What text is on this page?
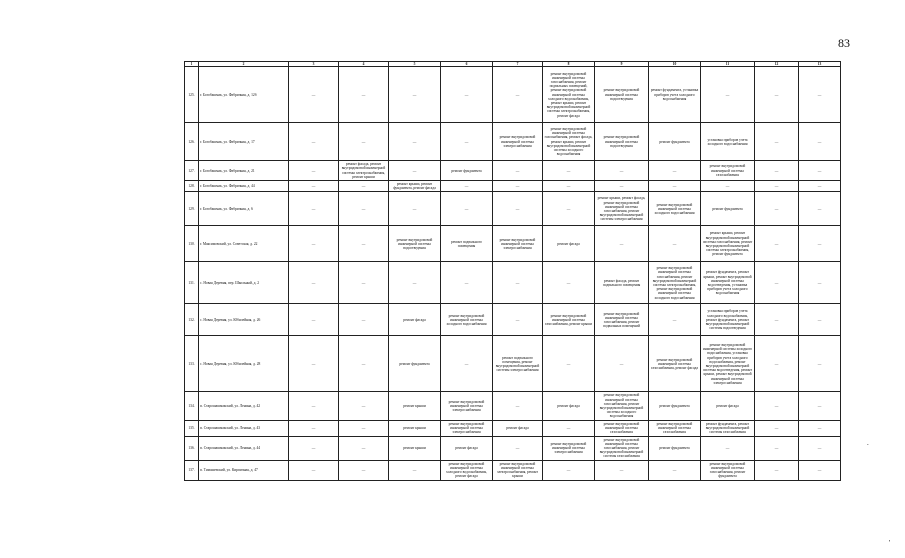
83
1	2	3	4	5	6	7	8	9	10	11	12	13
125.	г. Богобашмак, ул. Фабричная, д. 12б	—	—	—	—	—	ремонт внутридомовой инженерной системы газоснабжения, ремонт подвальных помещений, ремонт внутридомовой инженерной системы холодного водоснабжения, ремонт крыши, ремонт внутридомовой инженерной системы электроснабжения, ремонт фасада	ремонт внутридомовой инженерной системы водоотведения	ремонт фундамента, установка приборов учета холодного водоснабжения	—	—	—
126.	г. Богобашмак, ул. Фабричная, д. 17	—	—	—	—	ремонт внутридомовой инженерной системы электроснабжения	ремонт внутридомовой инженерной системы газоснабжения, ремонт фасада, ремонт крыши, ремонт внутридомовой инженерной системы холодного водоснабжения	ремонт внутридомовой инженерной системы водоотведения	ремонт фундамента	установка приборов учета холодного водоснабжения	—	—
127.	г. Богобашмак, ул. Фабричная, д. 21	—	ремонт фасада, ремонт внутридомовой инженерной системы электроснабжения, ремонт крыши	—	ремонт фундамента	—	—	—	—	ремонт внутридомовой инженерной системы газоснабжения	—	—
128.	г. Богобашмак, ул. Фабричная, д. 44	—	—	ремонт крыши, ремонт фундамента, ремонт фасада	—	—	—	—	—	—	—	—
129.	г. Богобашмак, ул. Фабричная, д. 6	—	—	—	—	—	—	ремонт крыши, ремонт фасада, ремонт внутридомовой инженерной системы газоснабжения, ремонт внутридомовой инженерной системы электроснабжения	ремонт внутридомовой инженерной системы холодного водоснабжения	ремонт фундамента	—	—
130.	г. Максимовский, ул. Советская, д. 22	—	—	ремонт внутридомовой инженерной системы водоотведения	ремонт подвального помещения	ремонт внутридомовой инженерной системы электроснабжения	ремонт фасада	—	—	ремонт крыши, ремонт внутридомовой инженерной системы газоснабжения, ремонт внутридомовой инженерной системы электроснабжения, ремонт фундамента	—	—
131.	с. Новая Деревня, пер. Школьный, д. 2	—	—	—	—	—	—	ремонт фасада, ремонт подвального помещения	ремонт внутридомовой инженерной системы газоснабжения, ремонт внутридомовой инженерной системы электроснабжения, ремонт внутридомовой инженерной системы холодного водоснабжения	ремонт фундамента, ремонт крыши, ремонт внутридомовой инженерной системы водоотведения, установка приборов учета холодного водоснабжения	—	—
132.	с. Новая Деревня, ул. Юбилейная, д. 26	—	—	ремонт фасада	ремонт внутридомовой инженерной системы холодного водоснабжения	—	ремонт внутридомовой инженерной системы газоснабжения, ремонт крыши	ремонт внутридомовой инженерной системы газоснабжения, ремонт подвальных помещений	—	установка приборов учета холодного водоснабжения, ремонт фундамента, ремонт внутридомовой инженерной системы водоотведения	—	—
133.	с. Новая Деревня, ул. Юбилейная, д. 28	—	—	ремонт фундамента	—	ремонт подвального помещения, ремонт внутридомовой инженерной системы электроснабжения	—	—	ремонт внутридомовой инженерной системы газоснабжения, ремонт фасада	ремонт внутридомовой инженерной системы холодного водоснабжения, установка приборов учета холодного водоснабжения, ремонт внутридомовой инженерной системы водоотведения, ремонт крыши, ремонт внутридомовой инженерной системы электроснабжения	—	—
134.	п. Старошашмакский, ул. Ленина, д. 42	—	—	ремонт крыши	ремонт внутридомовой инженерной системы электроснабжения	—	ремонт фасада	ремонт внутридомовой инженерной системы газоснабжения, ремонт внутридомовой инженерной системы холодного водоснабжения	ремонт фундамента	ремонт фасада	—	—
135.	п. Старошашмакский, ул. Ленина, д. 43	—	—	ремонт крыши	ремонт внутридомовой инженерной системы электроснабжения	ремонт фасада	—	ремонт внутридомовой инженерной системы газоснабжения	ремонт внутридомовой инженерной системы газоснабжения	ремонт фундамента, ремонт внутридомовой инженерной системы газоснабжения	—	—
136.	п. Старошашмакский, ул. Ленина, д. 44	—	—	ремонт крыши	ремонт фасада	—	ремонт внутридомовой инженерной системы электроснабжения	ремонт внутридомовой инженерной системы газоснабжения, ремонт внутридомовой инженерной системы газоснабжения	ремонт фундамента	—	—	—
137.	п. Тимашевский, ул. Кирпичная, д. 47	—	—	—	ремонт внутридомовой инженерной системы холодного водоснабжения, ремонт фасада	ремонт внутридомовой инженерной системы электроснабжения, ремонт крыши	—	—	—	ремонт внутридомовой инженерной системы газоснабжения, ремонт фундамента	—	—
.
'
